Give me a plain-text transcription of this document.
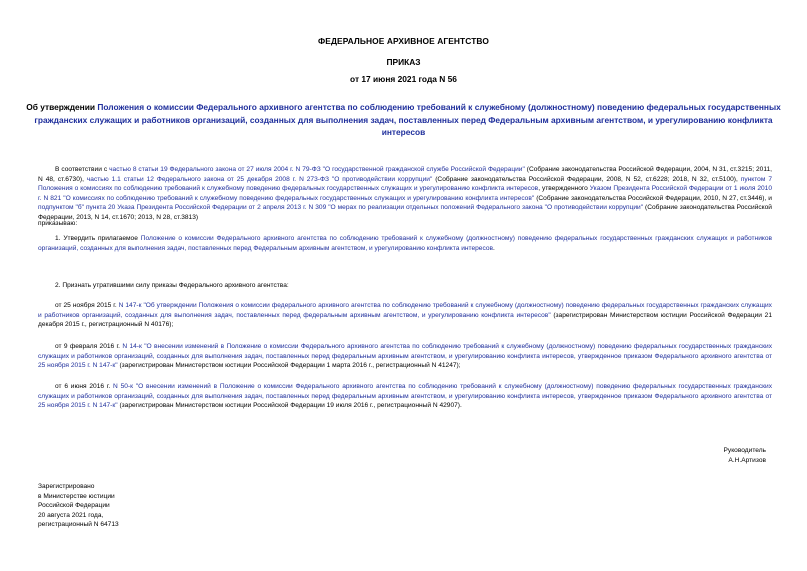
ФЕДЕРАЛЬНОЕ АРХИВНОЕ АГЕНТСТВО
ПРИКАЗ
от 17 июня 2021 года N 56
Об утверждении Положения о комиссии Федерального архивного агентства по соблюдению требований к служебному (должностному) поведению федеральных государственных гражданских служащих и работников организаций, созданных для выполнения задач, поставленных перед Федеральным архивным агентством, и урегулированию конфликта интересов
В соответствии с частью 8 статьи 19 Федерального закона от 27 июля 2004 г. N 79-ФЗ "О государственной гражданской службе Российской Федерации" (Собрание законодательства Российской Федерации, 2004, N 31, ст.3215; 2011, N 48, ст.6730), частью 1.1 статьи 12 Федерального закона от 25 декабря 2008 г. N 273-ФЗ "О противодействии коррупции" (Собрание законодательства Российской Федерации, 2008, N 52, ст.6228; 2018, N 32, ст.5100), пунктом 7 Положения о комиссиях по соблюдению требований к служебному поведению федеральных государственных служащих и урегулированию конфликта интересов, утвержденного Указом Президента Российской Федерации от 1 июля 2010 г. N 821 "О комиссиях по соблюдению требований к служебному поведению федеральных государственных служащих и урегулированию конфликта интересов" (Собрание законодательства Российской Федерации, 2010, N 27, ст.3446), и подпунктом "б" пункта 20 Указа Президента Российской Федерации от 2 апреля 2013 г. N 309 "О мерах по реализации отдельных положений Федерального закона "О противодействии коррупции" (Собрание законодательства Российской Федерации, 2013, N 14, ст.1670; 2013, N 28, ст.3813)
приказываю:
1. Утвердить прилагаемое Положение о комиссии Федерального архивного агентства по соблюдению требований к служебному (должностному) поведению федеральных государственных гражданских служащих и работников организаций, созданных для выполнения задач, поставленных перед Федеральным архивным агентством, и урегулированию конфликта интересов.
2. Признать утратившими силу приказы Федерального архивного агентства:
от 25 ноября 2015 г. N 147-к "Об утверждении Положения о комиссии федерального архивного агентства по соблюдению требований к служебному (должностному) поведению федеральных государственных гражданских служащих и работников организаций, созданных для выполнения задач, поставленных перед федеральным архивным агентством, и урегулированию конфликта интересов" (зарегистрирован Министерством юстиции Российской Федерации 21 декабря 2015 г., регистрационный N 40176);
от 9 февраля 2016 г. N 14-к "О внесении изменений в Положение о комиссии Федерального архивного агентства по соблюдению требований к служебному (должностному) поведению федеральных государственных гражданских служащих и работников организаций, созданных для выполнения задач, поставленных перед федеральным архивным агентством, и урегулированию конфликта интересов, утвержденное приказом Федерального архивного агентства от 25 ноября 2015 г. N 147-к" (зарегистрирован Министерством юстиции Российской Федерации 1 марта 2016 г., регистрационный N 41247);
от 6 июня 2016 г. N 50-к "О внесении изменений в Положение о комиссии Федерального архивного агентства по соблюдению требований к служебному (должностному) поведению федеральных государственных гражданских служащих и работников организаций, созданных для выполнения задач, поставленных перед федеральным архивным агентством, и урегулированию конфликта интересов, утвержденное приказом Федерального архивного агентства от 25 ноября 2015 г. N 147-к" (зарегистрирован Министерством юстиции Российской Федерации 19 июля 2016 г., регистрационный N 42907).
Руководитель
А.Н.Артизов
Зарегистрировано
в Министерстве юстиции
Российской Федерации
20 августа 2021 года,
регистрационный N 64713
